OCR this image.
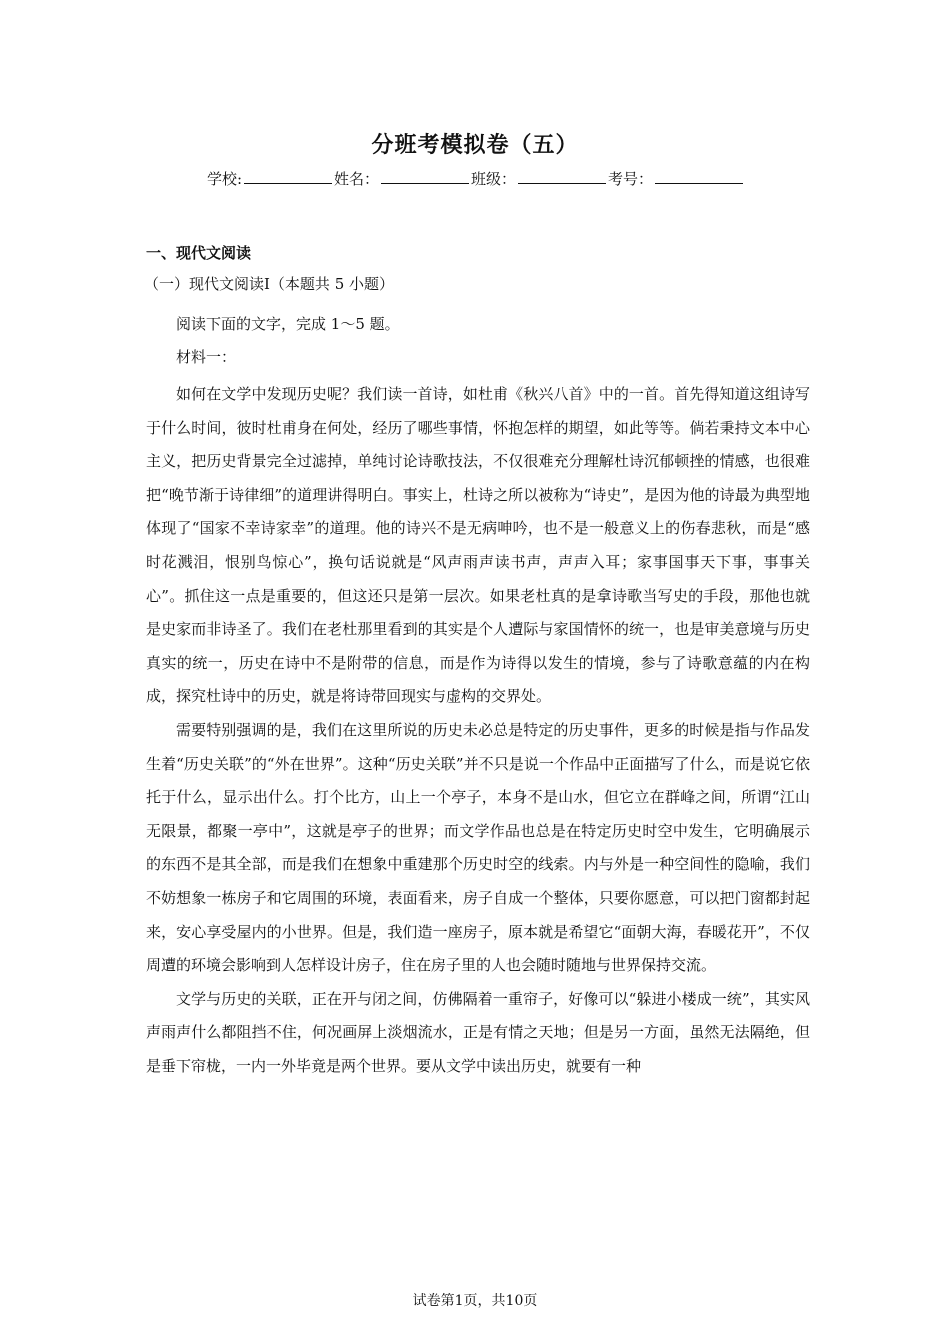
分班考模拟卷（五）
学校:	姓名：	班级：	考号：
一、现代文阅读
（一）现代文阅读Ⅰ（本题共 5 小题）
阅读下面的文字，完成 1～5 题。
材料一：

如何在文学中发现历史呢？我们读一首诗，如杜甫《秋兴八首》中的一首。首先得知道这组诗写于什么时间，彼时杜甫身在何处，经历了哪些事情，怀抱怎样的期望，如此等等。倘若秉持文本中心主义，把历史背景完全过滤掉，单纯讨论诗歌技法，不仅很难充分理解杜诗沉郁顿挫的情感，也很难把“晚节渐于诗律细”的道理讲得明白。事实上，杜诗之所以被称为“诗史”，是因为他的诗最为典型地体现了“国家不幸诗家幸”的道理。他的诗兴不是无病呻吟，也不是一般意义上的伤春悲秋，而是“感时花溅泪，恨别鸟惊心”，换句话说就是“风声雨声读书声，声声入耳；家事国事天下事，事事关心”。抓住这一点是重要的，但这还只是第一层次。如果老杜真的是拿诗歌当写史的手段，那他也就是史家而非诗圣了。我们在老杜那里看到的其实是个人遭际与家国情怀的统一，也是审美意境与历史真实的统一，历史在诗中不是附带的信息，而是作为诗得以发生的情境，参与了诗歌意蕴的内在构成，探究杜诗中的历史，就是将诗带回现实与虚构的交界处。

需要特别强调的是，我们在这里所说的历史未必总是特定的历史事件，更多的时候是指与作品发生着“历史关联”的“外在世界”。这种“历史关联”并不只是说一个作品中正面描写了什么，而是说它依托于什么，显示出什么。打个比方，山上一个亭子，本身不是山水，但它立在群峰之间，所谓“江山无限景，都聚一亭中”，这就是亭子的世界；而文学作品也总是在特定历史时空中发生，它明确展示的东西不是其全部，而是我们在想象中重建那个历史时空的线索。内与外是一种空间性的隐喻，我们不妨想象一栋房子和它周围的环境，表面看来，房子自成一个整体，只要你愿意，可以把门窗都封起来，安心享受屋内的小世界。但是，我们造一座房子，原本就是希望它“面朝大海，春暖花开”，不仅周遭的环境会影响到人怎样设计房子，住在房子里的人也会随时随地与世界保持交流。

文学与历史的关联，正在开与闭之间，仿佛隔着一重帘子，好像可以“躲进小楼成一统”，其实风声雨声什么都阻挡不住，何况画屏上淡烟流水，正是有情之天地；但是另一方面，虽然无法隔绝，但是垂下帘栊，一内一外毕竟是两个世界。要从文学中读出历史，就要有一种

试卷第1页，共10页
